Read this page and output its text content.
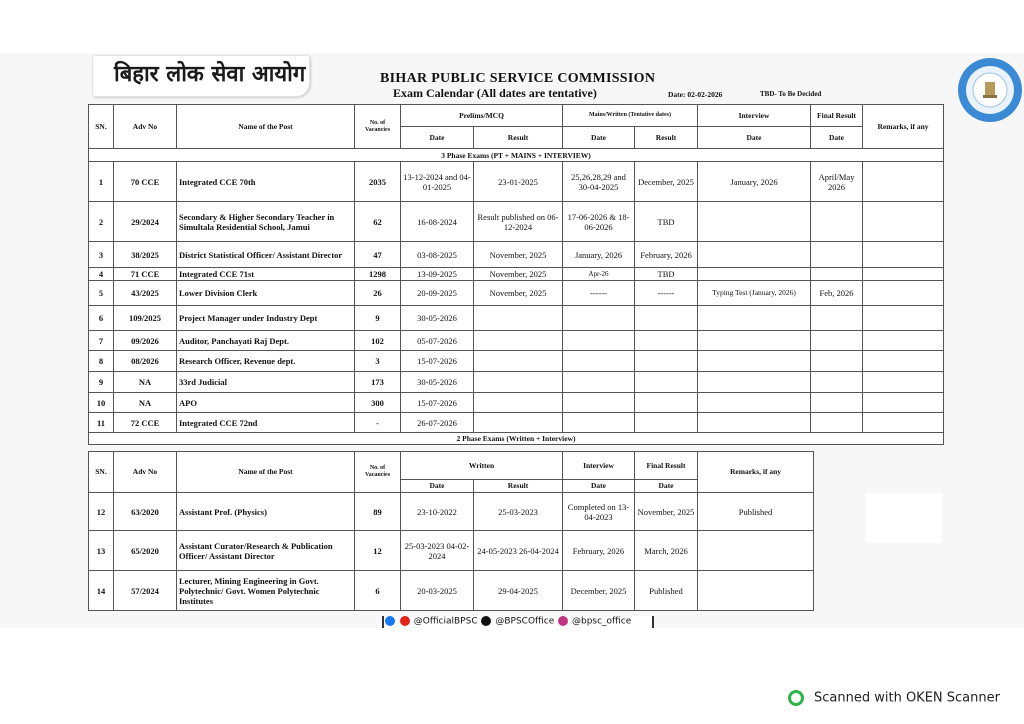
बिहार लोक सेवा आयोग	BIHAR PUBLIC SERVICE COMMISSION
Exam Calendar (All dates are tentative)	Date: 02-02-2026	TBD- To Be Decided
SN.	Adv No	Name of the Post	No. of Vacancies	Prelims/MCQ		Mains/Written (Tentative dates)		Interview	Final Result	Remarks, if any
				Date	Result	Date	Result	Date	Date	
3 Phase Exams (PT + MAINS + INTERVIEW)										
1	70 CCE	Integrated CCE 70th	2035	13-12-2024 and 04-01-2025	23-01-2025	25,26,28,29 and 30-04-2025	December, 2025	January, 2026	April/May 2026	
2	29/2024	Secondary & Higher Secondary Teacher in Simultala Residential School, Jamui	62	16-08-2024	Result published on 06-12-2024	17-06-2026 & 18-06-2026	TBD			
3	38/2025	District Statistical Officer/ Assistant Director	47	03-08-2025	November, 2025	January, 2026	February, 2026			
4	71 CCE	Integrated CCE 71st	1298	13-09-2025	November, 2025	Apr-26	TBD			
5	43/2025	Lower Division Clerk	26	20-09-2025	November, 2025	------	------	Typing Test (January, 2026)	Feb, 2026	
6	109/2025	Project Manager under Industry Dept	9	30-05-2026						
7	09/2026	Auditor, Panchayati Raj Dept.	102	05-07-2026						
8	08/2026	Research Officer, Revenue dept.	3	15-07-2026						
9	NA	33rd Judicial	173	30-05-2026						
10	NA	APO	300	15-07-2026						
11	72 CCE	Integrated CCE 72nd	-	26-07-2026						
2 Phase Exams (Written + Interview)										
SN.	Adv No	Name of the Post	No. of Vacancies	Written		Interview	Final Result	Remarks, if any
				Date	Result	Date	Date	
12	63/2020	Assistant Prof. (Physics)	89	23-10-2022	25-03-2023	Completed on 13-04-2023	November, 2025	Published
13	65/2020	Assistant Curator/Research & Publication Officer/ Assistant Director	12	25-03-2023 04-02-2024	24-05-2023 26-04-2024	February, 2026	March, 2026	
14	57/2024	Lecturer, Mining Engineering in Govt. Polytechnic/ Govt. Women Polytechnic Institutes	6	20-03-2025	29-04-2025	December, 2025	Published	
@OfficialBPSC @BPSCOffice @bpsc_office
Scanned with OKEN Scanner
